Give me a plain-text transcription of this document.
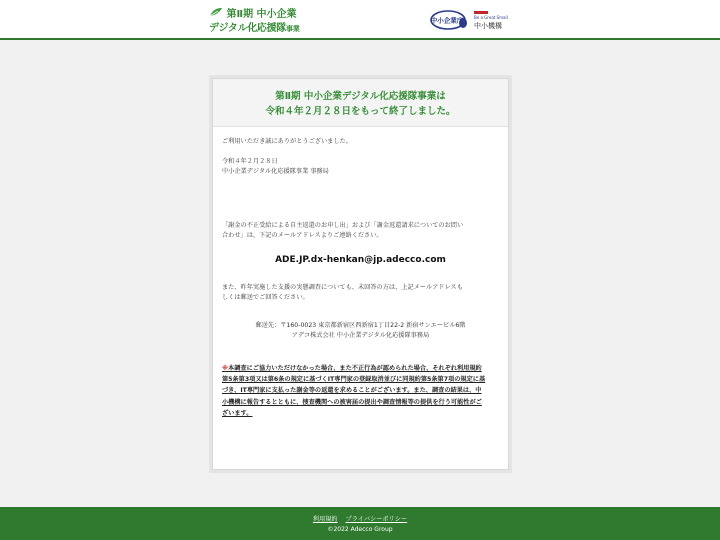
第Ⅱ期 中小企業
デジタル化応援隊事業
中小企業庁	Be a Great Small
中小機構
第Ⅱ期 中小企業デジタル化応援隊事業は
令和４年２月２８日をもって終了しました。
ご利用いただき誠にありがとうございました。
令和４年２月２８日
中小企業デジタル化応援隊事業 事務局
「謝金の不正受給による自主返還のお申し出」および「謝金返還請求についてのお問い
合わせ」は、下記のメールアドレスよりご連絡ください。
ADE.JP.dx-henkan@jp.adecco.com
また、昨年実施した支援の実態調査についても、未回答の方は、上記メールアドレスも
しくは郵送でご回答ください。
郵送先：〒160-0023 東京都新宿区西新宿1丁目22-2 新宿サンエービル6階
アデコ株式会社 中小企業デジタル化応援隊事務局
※本調査にご協力いただけなかった場合、また不正行為が認められた場合、それぞれ利用規約
第5条第3項又は第6条の規定に基づくIT専門家の登録取消並びに同規約第5条第7項の規定に基
づき、IT専門家に支払った謝金等の返還を求めることがございます。また、調査の結果は、中
小機構に報告するとともに、捜査機関への被害届の提出や調査情報等の提供を行う可能性がご
ざいます。
利用規約 プライバシーポリシー
©2022 Adecco Group
